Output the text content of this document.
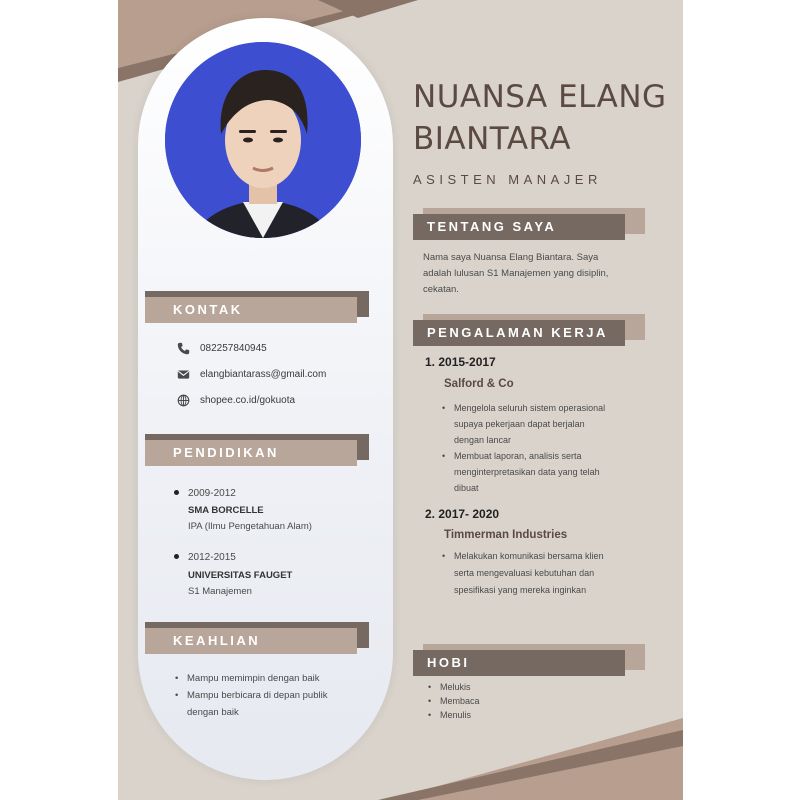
NUANSA ELANG
BIANTARA
ASISTEN MANAJER
TENTANG SAYA
Nama saya Nuansa Elang Biantara. Saya adalah lulusan S1 Manajemen yang disiplin, cekatan.
PENGALAMAN KERJA
1. 2015-2017
Salford & Co
• Mengelola seluruh sistem operasional supaya pekerjaan dapat berjalan dengan lancar
• Membuat laporan, analisis serta menginterpretasikan data yang telah dibuat
2. 2017- 2020
Timmerman Industries
• Melakukan komunikasi bersama klien serta mengevaluasi kebutuhan dan spesifikasi yang mereka inginkan
HOBI
• Melukis
• Membaca
• Menulis
KONTAK
082257840945
elangbiantarass@gmail.com
shopee.co.id/gokuota
PENDIDIKAN
2009-2012
SMA BORCELLE
IPA (Ilmu Pengetahuan Alam)
2012-2015
UNIVERSITAS FAUGET
S1 Manajemen
KEAHLIAN
• Mampu memimpin dengan baik
• Mampu berbicara di depan publik dengan baik
